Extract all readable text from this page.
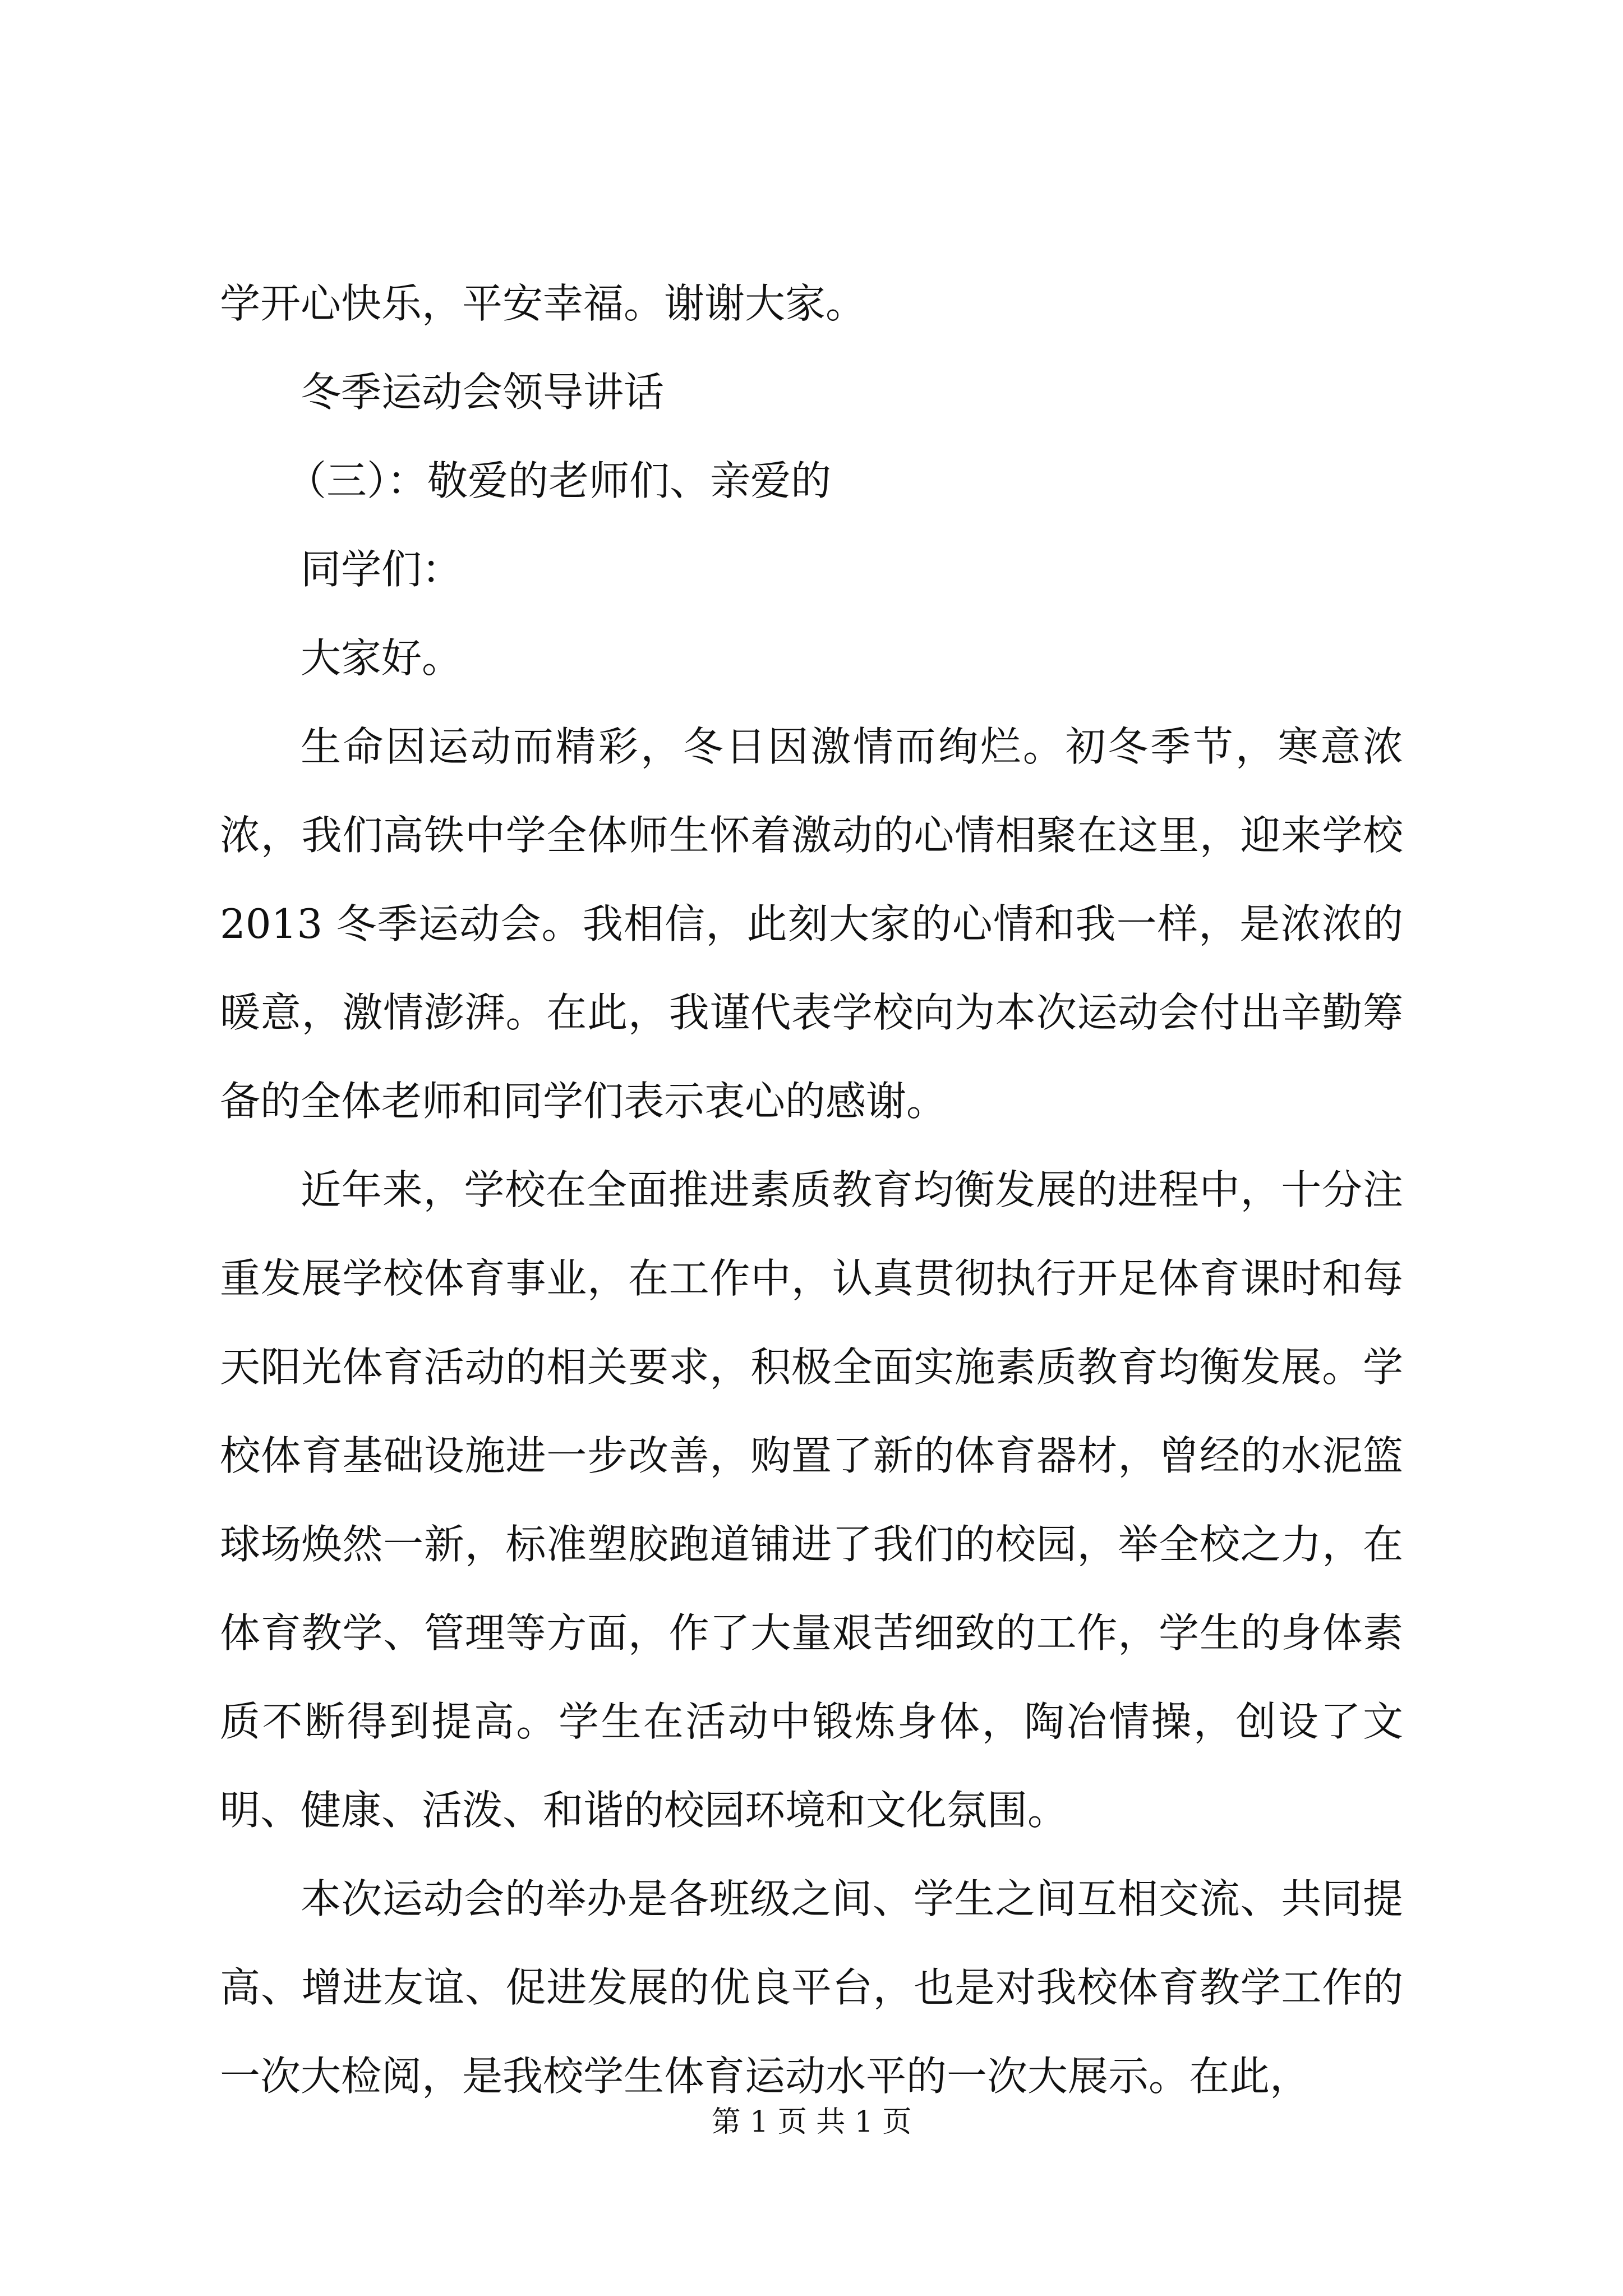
学开心快乐，平安幸福。谢谢大家。

冬季运动会领导讲话

（三）：敬爱的老师们、亲爱的

同学们：

大家好。

生命因运动而精彩，冬日因激情而绚烂。初冬季节，寒意浓浓，我们高铁中学全体师生怀着激动的心情相聚在这里，迎来学校 2013 冬季运动会。我相信，此刻大家的心情和我一样，是浓浓的暖意，激情澎湃。在此，我谨代表学校向为本次运动会付出辛勤筹备的全体老师和同学们表示衷心的感谢。

近年来，学校在全面推进素质教育均衡发展的进程中，十分注重发展学校体育事业，在工作中，认真贯彻执行开足体育课时和每天阳光体育活动的相关要求，积极全面实施素质教育均衡发展。学校体育基础设施进一步改善，购置了新的体育器材，曾经的水泥篮球场焕然一新，标准塑胶跑道铺进了我们的校园，举全校之力，在体育教学、管理等方面，作了大量艰苦细致的工作，学生的身体素质不断得到提高。学生在活动中锻炼身体，陶冶情操，创设了文明、健康、活泼、和谐的校园环境和文化氛围。

本次运动会的举办是各班级之间、学生之间互相交流、共同提高、增进友谊、促进发展的优良平台，也是对我校体育教学工作的一次大检阅，是我校学生体育运动水平的一次大展示。在此，

第 1 页 共 1 页
